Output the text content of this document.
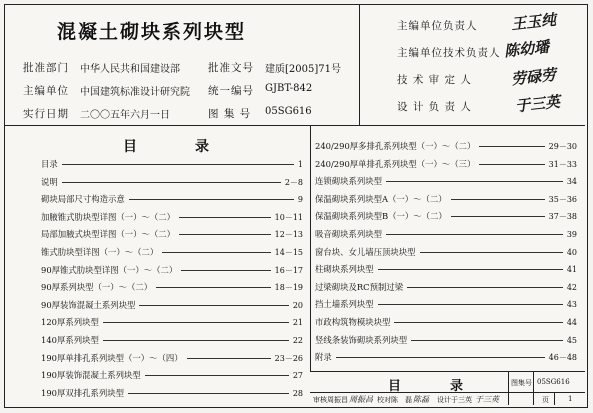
混凝土砌块系列块型
批准部门 中华人民共和国建设部
主编单位 中国建筑标准设计研究院
实行日期 二〇〇五年六月一日
批准文号 建质[2005]71号
统一编号 GJBT-842
图 集 号 05SG616
主编单位负责人 王玉纯
主编单位技术负责人 陈幼璠
技 术 审 定 人	劳碌劳
设 计 负 责 人	于三英
目　录
目录	1
说明	2－8
砌块局部尺寸构造示意	9
加腋锥式肋块型详图（一）～（二）	10－11
局部加腋式块型详图（一）～（二）	12－13
锥式肋块型详图（一）～（二）	14－15
90厚锥式肋块型详图（一）～（二）	16－17
90厚系列块型（一）～（二）	18－19
90厚装饰混凝土系列块型	20
120厚系列块型	21
140厚系列块型	22
190厚单排孔系列块型（一）～（四）	23－26
190厚装饰混凝土系列块型	27
190厚双排孔系列块型	28
240/290厚多排孔系列块型（一）～（二）	29－30
240/290厚单排孔系列块型（一）～（三）	31－33
连锁砌块系列块型	34
保温砌块系列块型A（一）～（二）	35－36
保温砌块系列块型B（一）～（二）	37－38
吸音砌块系列块型	39
窗台块、女儿墙压顶块块型	40
柱砌块系列块型	41
过梁砌块及RC预制过梁	42
挡土墙系列块型	43
市政构筑物模块块型	44
竖线条装饰砌块系列块型	45
附录	46－48
目　录	图集号 05SG616
页	1
审核 周振昌 周振昌 校对 陈　磊 陈磊 设计 于三英 于三英
